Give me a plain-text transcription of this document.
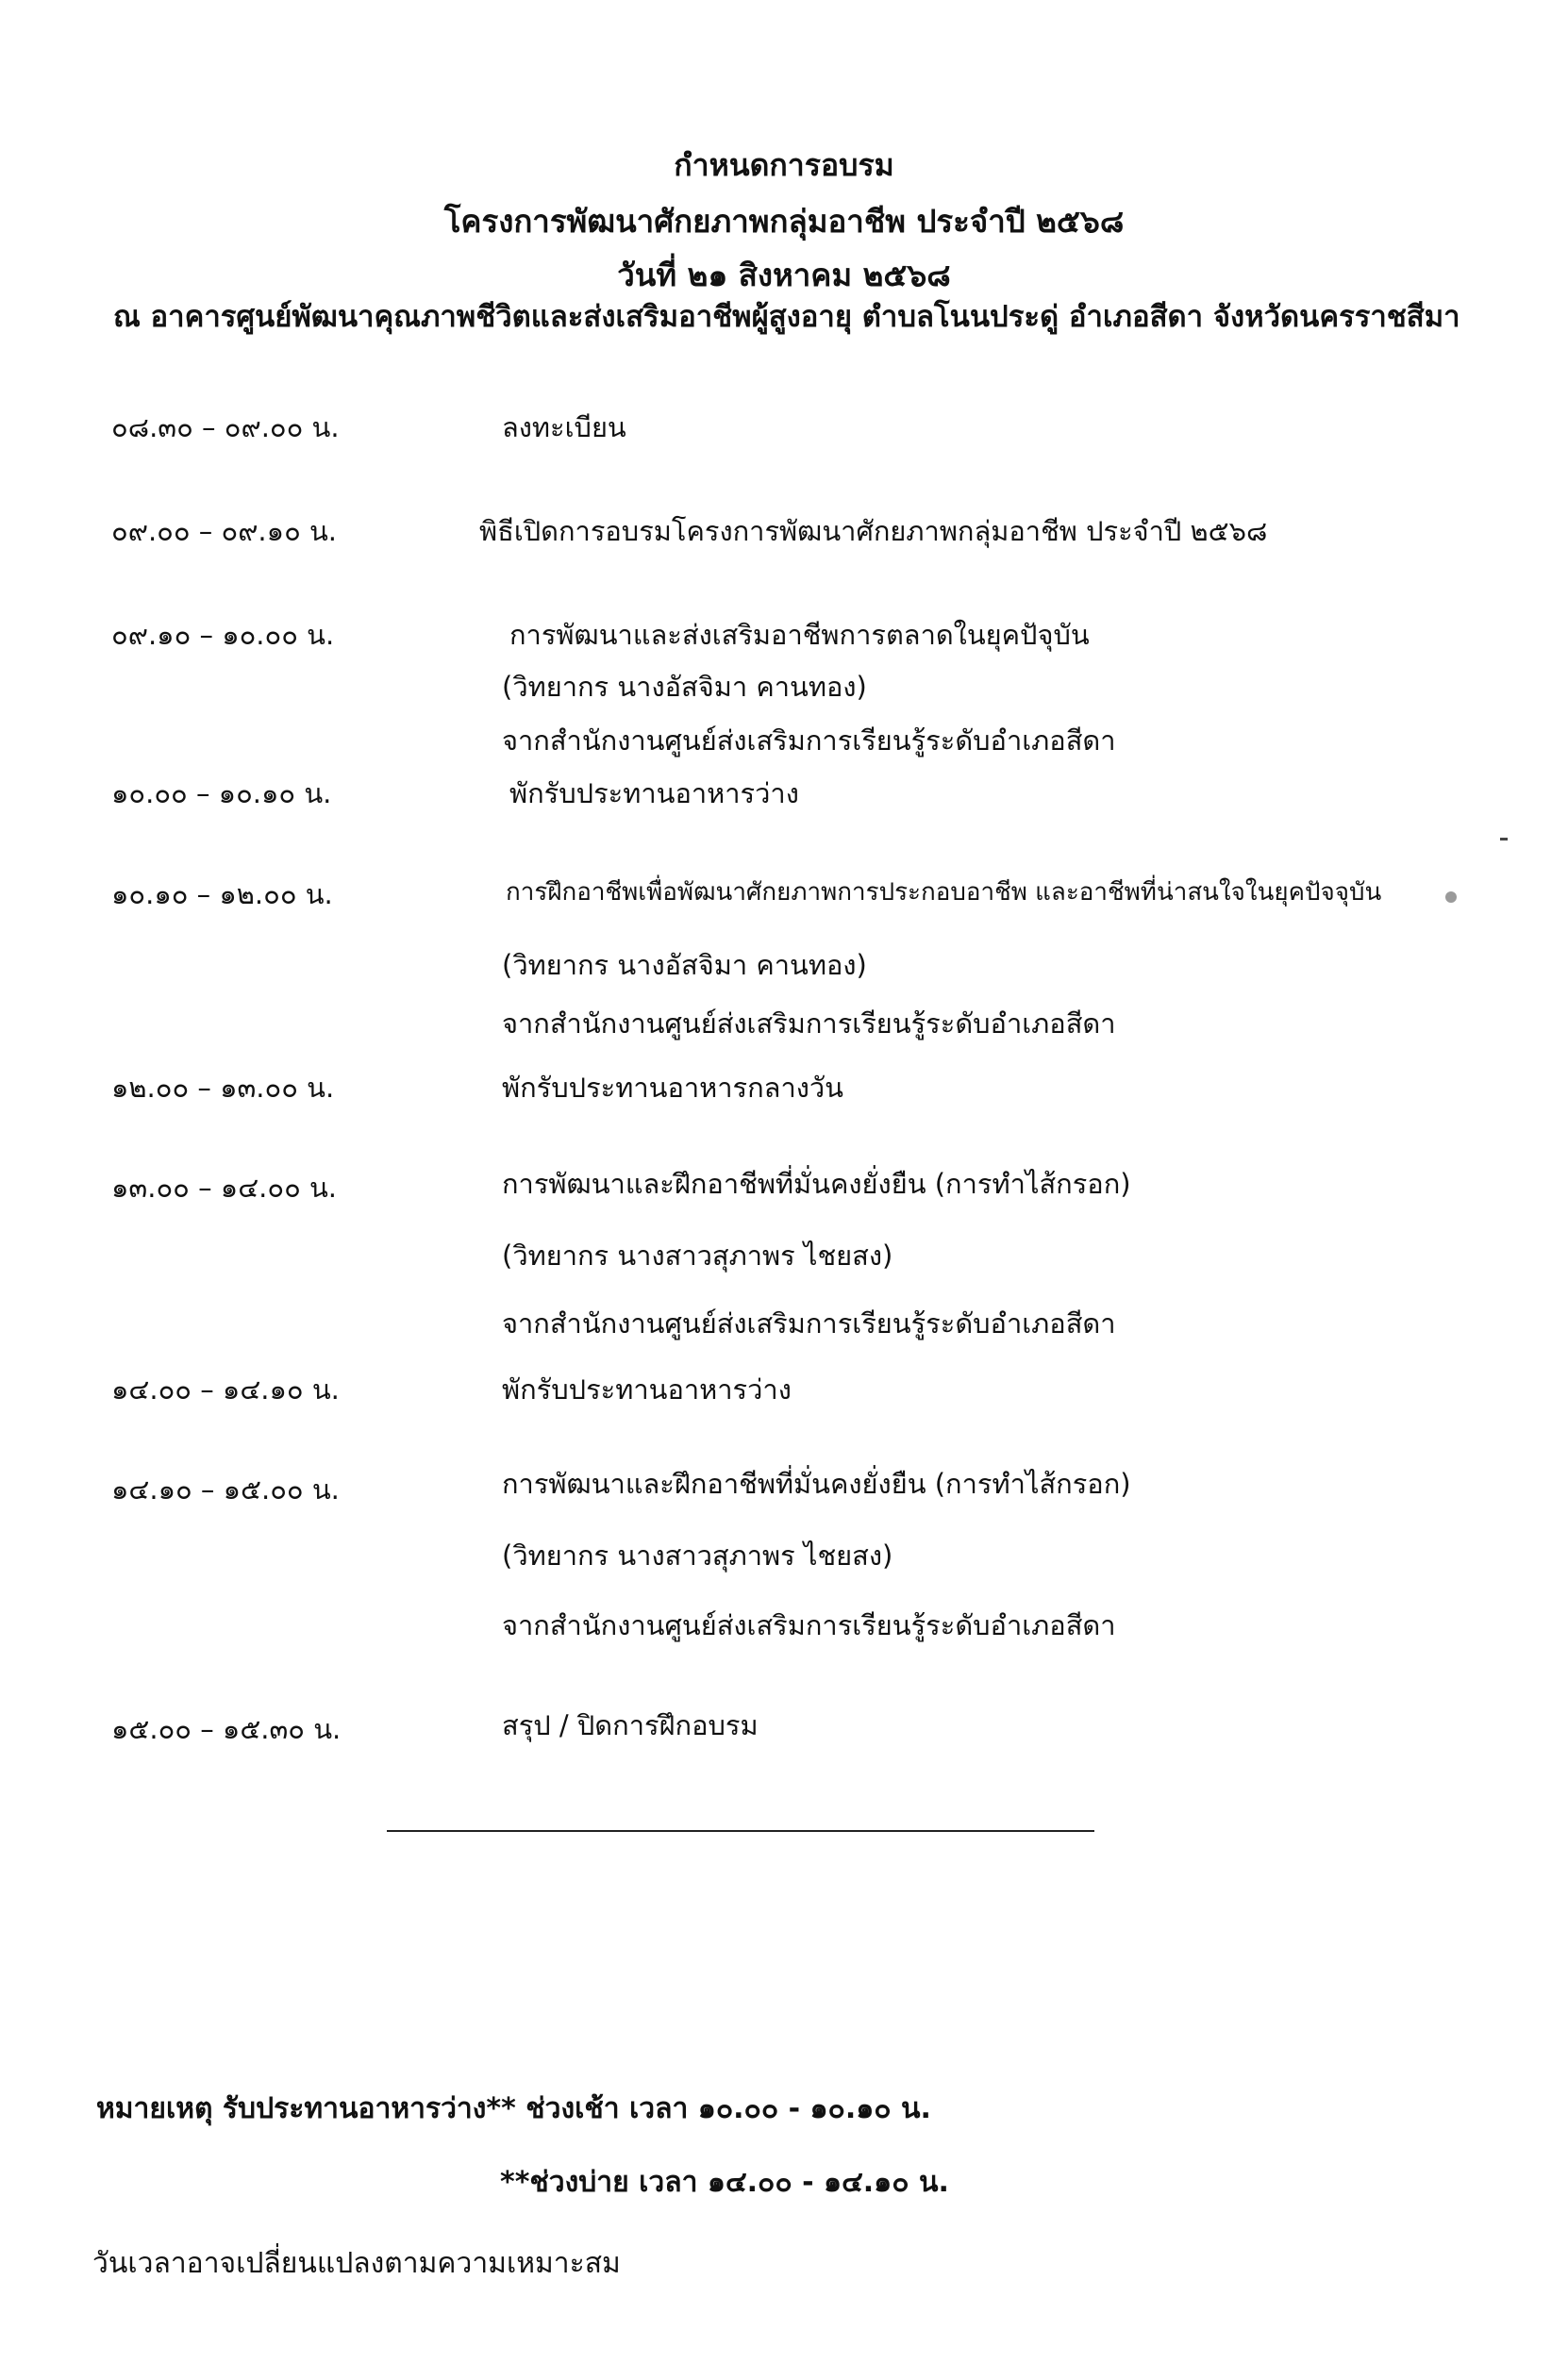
กำหนดการอบรม
โครงการพัฒนาศักยภาพกลุ่มอาชีพ ประจำปี ๒๕๖๘
วันที่ ๒๑ สิงหาคม ๒๕๖๘
ณ อาคารศูนย์พัฒนาคุณภาพชีวิตและส่งเสริมอาชีพผู้สูงอายุ ตำบลโนนประดู่ อำเภอสีดา จังหวัดนครราชสีมา
๐๘.๓๐ – ๐๙.๐๐ น.	ลงทะเบียน
๐๙.๐๐ – ๐๙.๑๐ น.	พิธีเปิดการอบรมโครงการพัฒนาศักยภาพกลุ่มอาชีพ ประจำปี ๒๕๖๘
๐๙.๑๐ – ๑๐.๐๐ น.	การพัฒนาและส่งเสริมอาชีพการตลาดในยุคปัจุบัน
(วิทยากร นางอัสจิมา คานทอง)
จากสำนักงานศูนย์ส่งเสริมการเรียนรู้ระดับอำเภอสีดา
๑๐.๐๐ – ๑๐.๑๐ น.	พักรับประทานอาหารว่าง
๑๐.๑๐ – ๑๒.๐๐ น.	การฝึกอาชีพเพื่อพัฒนาศักยภาพการประกอบอาชีพ และอาชีพที่น่าสนใจในยุคปัจจุบัน
(วิทยากร นางอัสจิมา คานทอง)
จากสำนักงานศูนย์ส่งเสริมการเรียนรู้ระดับอำเภอสีดา
๑๒.๐๐ – ๑๓.๐๐ น.	พักรับประทานอาหารกลางวัน
๑๓.๐๐ – ๑๔.๐๐ น.	การพัฒนาและฝึกอาชีพที่มั่นคงยั่งยืน (การทำไส้กรอก)
(วิทยากร นางสาวสุภาพร ไชยสง)
จากสำนักงานศูนย์ส่งเสริมการเรียนรู้ระดับอำเภอสีดา
๑๔.๐๐ – ๑๔.๑๐ น.	พักรับประทานอาหารว่าง
๑๔.๑๐ – ๑๕.๐๐ น.	การพัฒนาและฝึกอาชีพที่มั่นคงยั่งยืน (การทำไส้กรอก)
(วิทยากร นางสาวสุภาพร ไชยสง)
จากสำนักงานศูนย์ส่งเสริมการเรียนรู้ระดับอำเภอสีดา
๑๕.๐๐ – ๑๕.๓๐ น.	สรุป / ปิดการฝึกอบรม
หมายเหตุ รับประทานอาหารว่าง** ช่วงเช้า เวลา ๑๐.๐๐ - ๑๐.๑๐ น.
**ช่วงบ่าย เวลา ๑๔.๐๐ - ๑๔.๑๐ น.
วันเวลาอาจเปลี่ยนแปลงตามความเหมาะสม
